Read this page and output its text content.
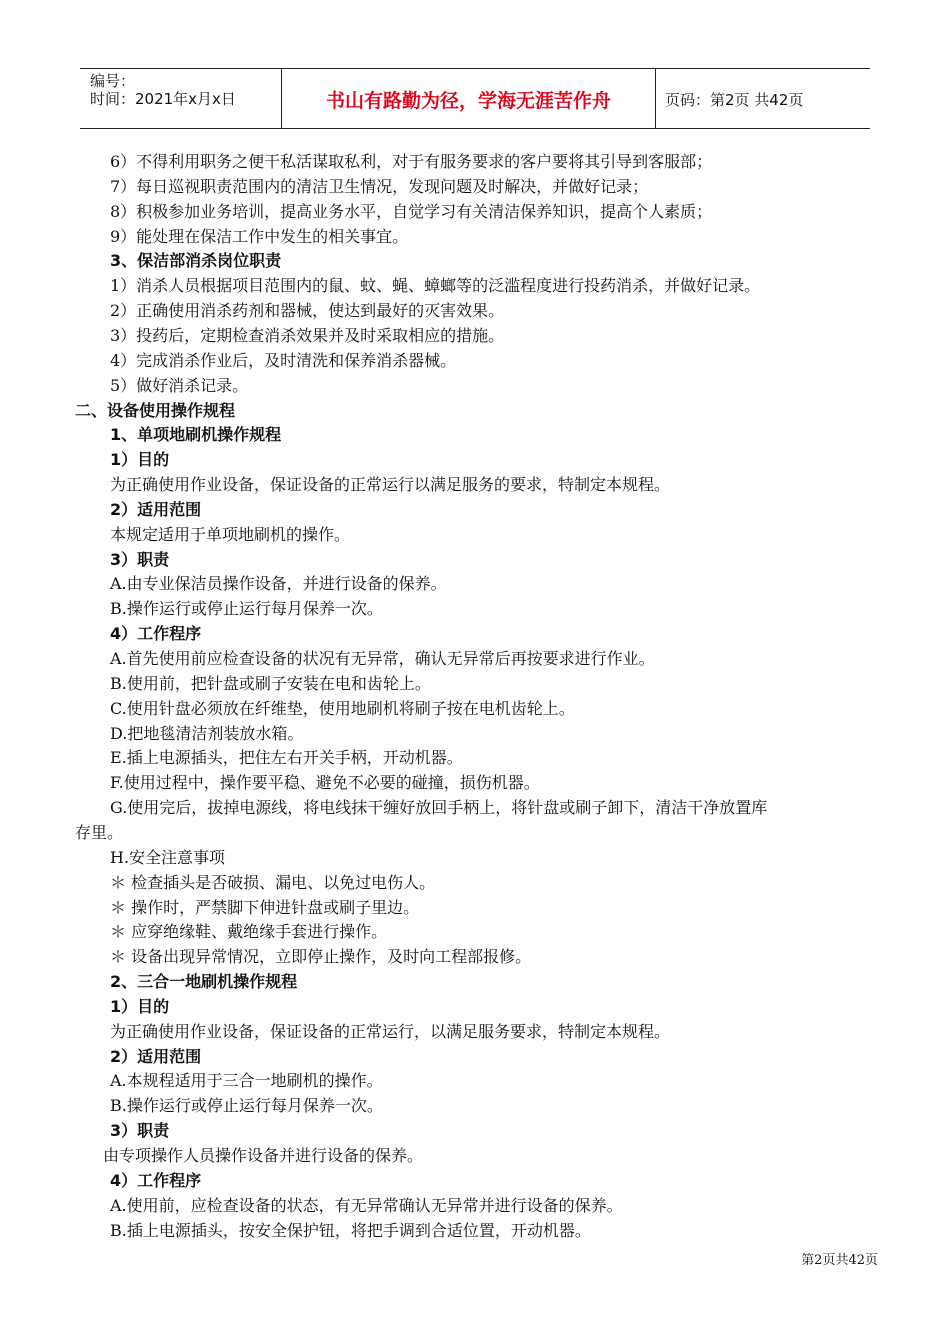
编号：
时间：2021年x月x日	书山有路勤为径，学海无涯苦作舟	页码：第2页 共42页
6）不得利用职务之便干私活谋取私利，对于有服务要求的客户要将其引导到客服部；
7）每日巡视职责范围内的清洁卫生情况，发现问题及时解决，并做好记录；
8）积极参加业务培训，提高业务水平，自觉学习有关清洁保养知识，提高个人素质；
9）能处理在保洁工作中发生的相关事宜。
3、保洁部消杀岗位职责
1）消杀人员根据项目范围内的鼠、蚊、蝇、蟑螂等的泛滥程度进行投药消杀，并做好记录。
2）正确使用消杀药剂和器械，使达到最好的灭害效果。
3）投药后，定期检查消杀效果并及时采取相应的措施。
4）完成消杀作业后，及时清洗和保养消杀器械。
5）做好消杀记录。
二、设备使用操作规程
1、单项地刷机操作规程
1）目的
为正确使用作业设备，保证设备的正常运行以满足服务的要求，特制定本规程。
2）适用范围
本规定适用于单项地刷机的操作。
3）职责
A.由专业保洁员操作设备，并进行设备的保养。
B.操作运行或停止运行每月保养一次。
4）工作程序
A.首先使用前应检查设备的状况有无异常，确认无异常后再按要求进行作业。
B.使用前，把针盘或刷子安装在电和齿轮上。
C.使用针盘必须放在纤维垫，使用地刷机将刷子按在电机齿轮上。
D.把地毯清洁剂装放水箱。
E.插上电源插头，把住左右开关手柄，开动机器。
F.使用过程中，操作要平稳、避免不必要的碰撞，损伤机器。
G.使用完后，拔掉电源线，将电线抹干缠好放回手柄上，将针盘或刷子卸下，清洁干净放置库
存里。
H.安全注意事项
＊ 检查插头是否破损、漏电、以免过电伤人。
＊ 操作时，严禁脚下伸进针盘或刷子里边。
＊ 应穿绝缘鞋、戴绝缘手套进行操作。
＊ 设备出现异常情况，立即停止操作，及时向工程部报修。
2、三合一地刷机操作规程
1）目的
为正确使用作业设备，保证设备的正常运行，以满足服务要求，特制定本规程。
2）适用范围
A.本规程适用于三合一地刷机的操作。
B.操作运行或停止运行每月保养一次。
3）职责
由专项操作人员操作设备并进行设备的保养。
4）工作程序
A.使用前，应检查设备的状态，有无异常确认无异常并进行设备的保养。
B.插上电源插头，按安全保护钮，将把手调到合适位置，开动机器。
第2页共42页
